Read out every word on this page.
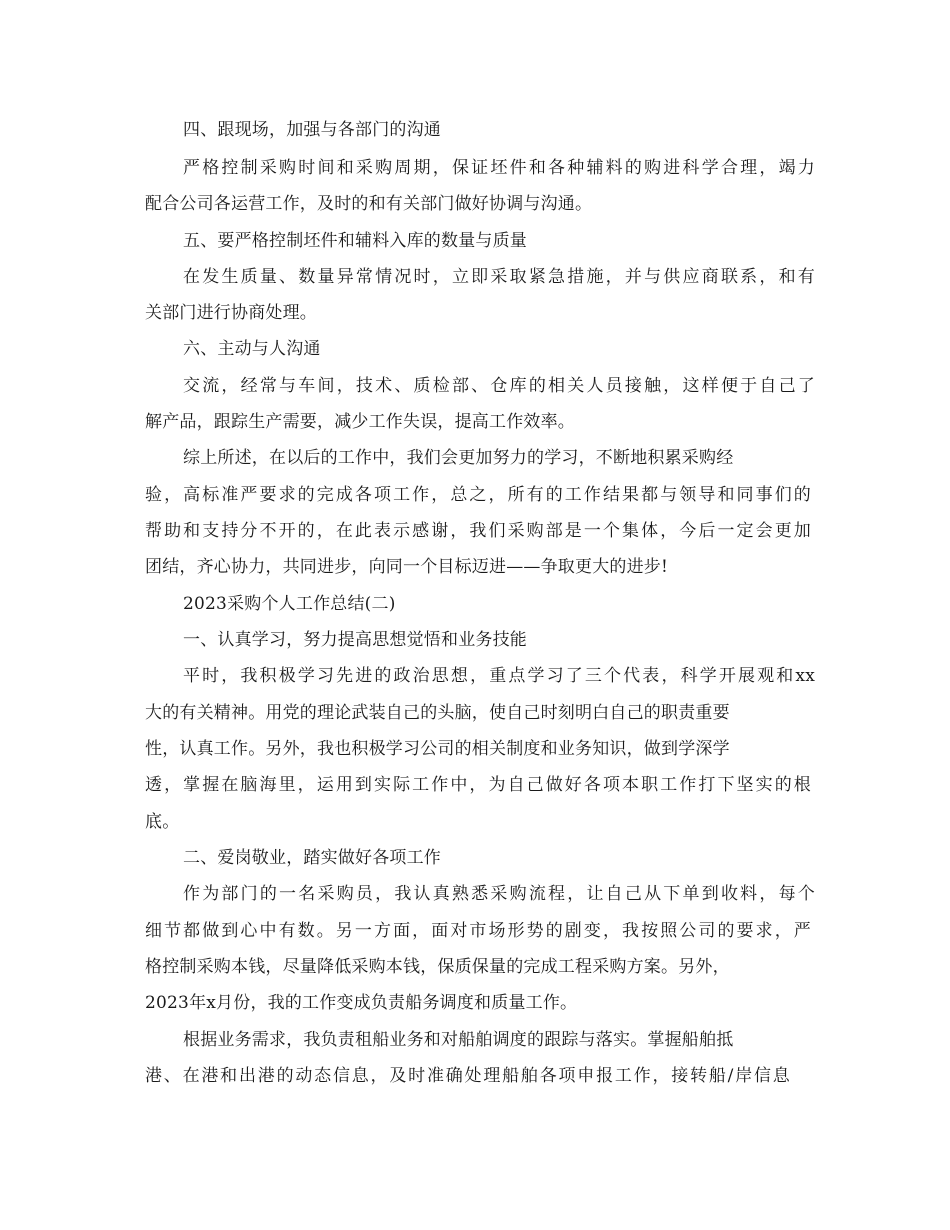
四、跟现场，加强与各部门的沟通
严格控制采购时间和采购周期，保证坯件和各种辅料的购进科学合理，竭力
配合公司各运营工作，及时的和有关部门做好协调与沟通。
五、要严格控制坯件和辅料入库的数量与质量
在发生质量、数量异常情况时，立即采取紧急措施，并与供应商联系，和有
关部门进行协商处理。
六、主动与人沟通
交流，经常与车间，技术、质检部、仓库的相关人员接触，这样便于自己了
解产品，跟踪生产需要，减少工作失误，提高工作效率。
综上所述，在以后的工作中，我们会更加努力的学习，不断地积累采购经
验，高标准严要求的完成各项工作，总之，所有的工作结果都与领导和同事们的
帮助和支持分不开的，在此表示感谢，我们采购部是一个集体，今后一定会更加
团结，齐心协力，共同进步，向同一个目标迈进——争取更大的进步!
2023采购个人工作总结(二)
一、认真学习，努力提高思想觉悟和业务技能
平时，我积极学习先进的政治思想，重点学习了三个代表，科学开展观和xx
大的有关精神。用党的理论武装自己的头脑，使自己时刻明白自己的职责重要
性，认真工作。另外，我也积极学习公司的相关制度和业务知识，做到学深学
透，掌握在脑海里，运用到实际工作中，为自己做好各项本职工作打下坚实的根
底。
二、爱岗敬业，踏实做好各项工作
作为部门的一名采购员，我认真熟悉采购流程，让自己从下单到收料，每个
细节都做到心中有数。另一方面，面对市场形势的剧变，我按照公司的要求，严
格控制采购本钱，尽量降低采购本钱，保质保量的完成工程采购方案。另外，
2023年x月份，我的工作变成负责船务调度和质量工作。
根据业务需求，我负责租船业务和对船舶调度的跟踪与落实。掌握船舶抵
港、在港和出港的动态信息，及时准确处理船舶各项申报工作，接转船/岸信息
